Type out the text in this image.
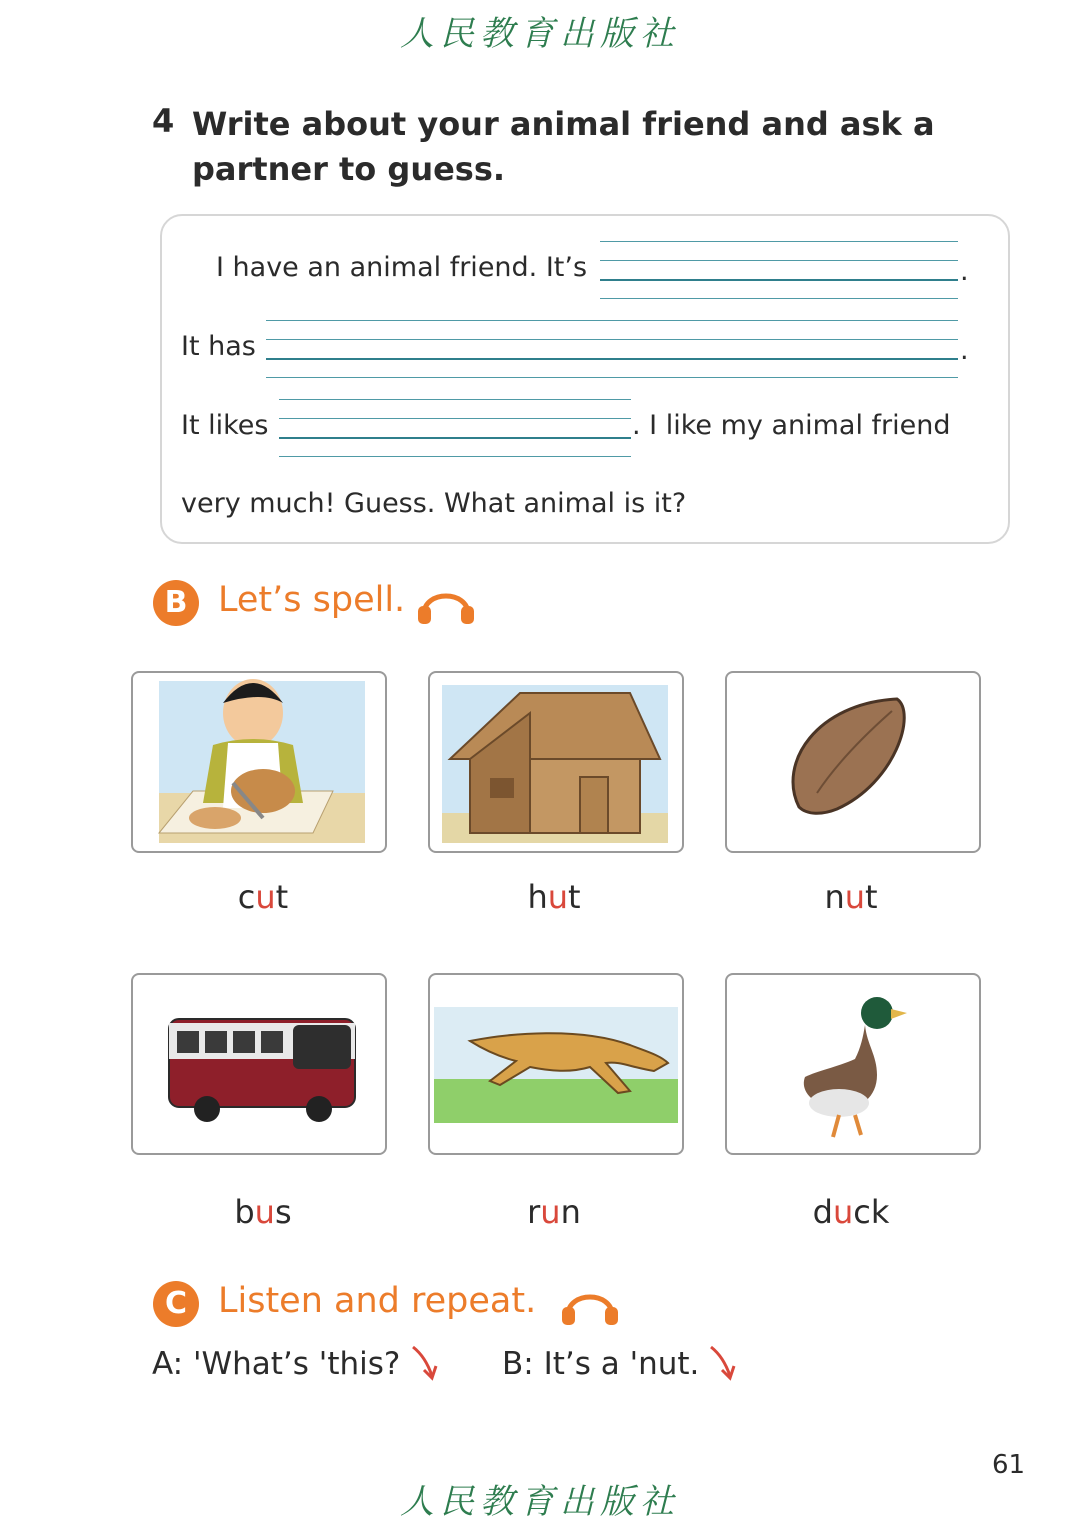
人民教育出版社
4 Write about your animal friend and ask a partner to guess.
I have an animal friend. It’s	.
It has	.
It likes	. I like my animal friend
very much! Guess. What animal is it?
B Let’s spell.
cut	hut	nut
bus	run	duck
C Listen and repeat.
A: 'What’s 'this?	B: It’s a 'nut.
61
人民教育出版社
